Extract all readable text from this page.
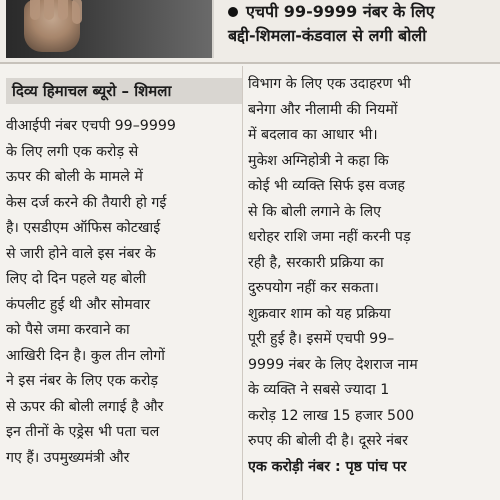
एचपी 99-9999 नंबर के लिए
बद्दी-शिमला-कंडवाल से लगी बोली
दिव्य हिमाचल ब्यूरो – शिमला
वीआईपी नंबर एचपी 99–9999
के लिए लगी एक करोड़ से
ऊपर की बोली के मामले में
केस दर्ज करने की तैयारी हो गई
है। एसडीएम ऑफिस कोटखाई
से जारी होने वाले इस नंबर के
लिए दो दिन पहले यह बोली
कंपलीट हुई थी और सोमवार
को पैसे जमा करवाने का
आखिरी दिन है। कुल तीन लोगों
ने इस नंबर के लिए एक करोड़
से ऊपर की बोली लगाई है और
इन तीनों के एड्रेस भी पता चल
गए हैं। उपमुख्यमंत्री और
विभाग के लिए एक उदाहरण भी
बनेगा और नीलामी की नियमों
में बदलाव का आधार भी।
मुकेश अग्निहोत्री ने कहा कि
कोई भी व्यक्ति सिर्फ इस वजह
से कि बोली लगाने के लिए
धरोहर राशि जमा नहीं करनी पड़
रही है, सरकारी प्रक्रिया का
दुरुपयोग नहीं कर सकता।
शुक्रवार शाम को यह प्रक्रिया
पूरी हुई है। इसमें एचपी 99–
9999 नंबर के लिए देशराज नाम
के व्यक्ति ने सबसे ज्यादा 1
करोड़ 12 लाख 15 हजार 500
रुपए की बोली दी है। दूसरे नंबर
एक करोड़ी नंबर : पृष्ठ पांच पर
